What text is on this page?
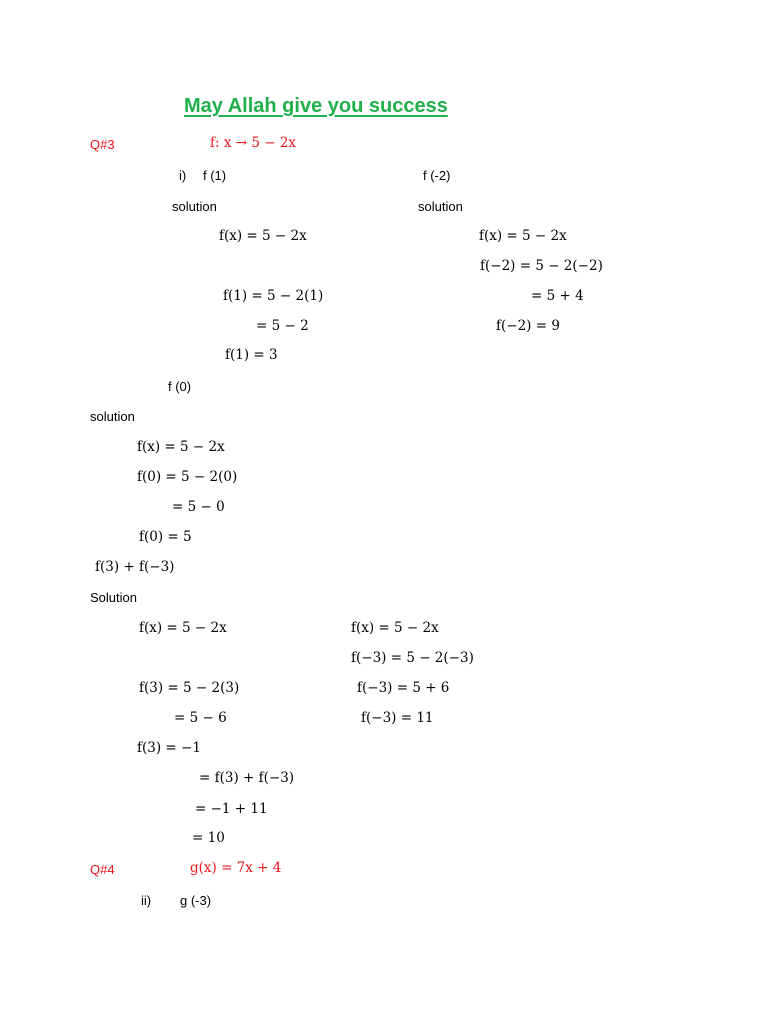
May Allah give you success
Q#3	f: x → 5 − 2x
i) f (1)
solution
f(x) = 5 − 2x
f(1) = 5 − 2(1)
= 5 − 2
f(1) = 3
f (-2)
solution
f(x) = 5 − 2x
f(−2) = 5 − 2(−2)
= 5 + 4
f(−2) = 9
f (0)
solution
f(x) = 5 − 2x
f(0) = 5 − 2(0)
= 5 − 0
f(0) = 5
f(3) + f(−3)
Solution
f(x) = 5 − 2x
f(3) = 5 − 2(3)
= 5 − 6
f(3) = −1
f(x) = 5 − 2x
f(−3) = 5 − 2(−3)
f(−3) = 5 + 6
f(−3) = 11
= f(3) + f(−3)
= −1 + 11
= 10
Q#4	g(x) = 7x + 4
ii) g (-3)
